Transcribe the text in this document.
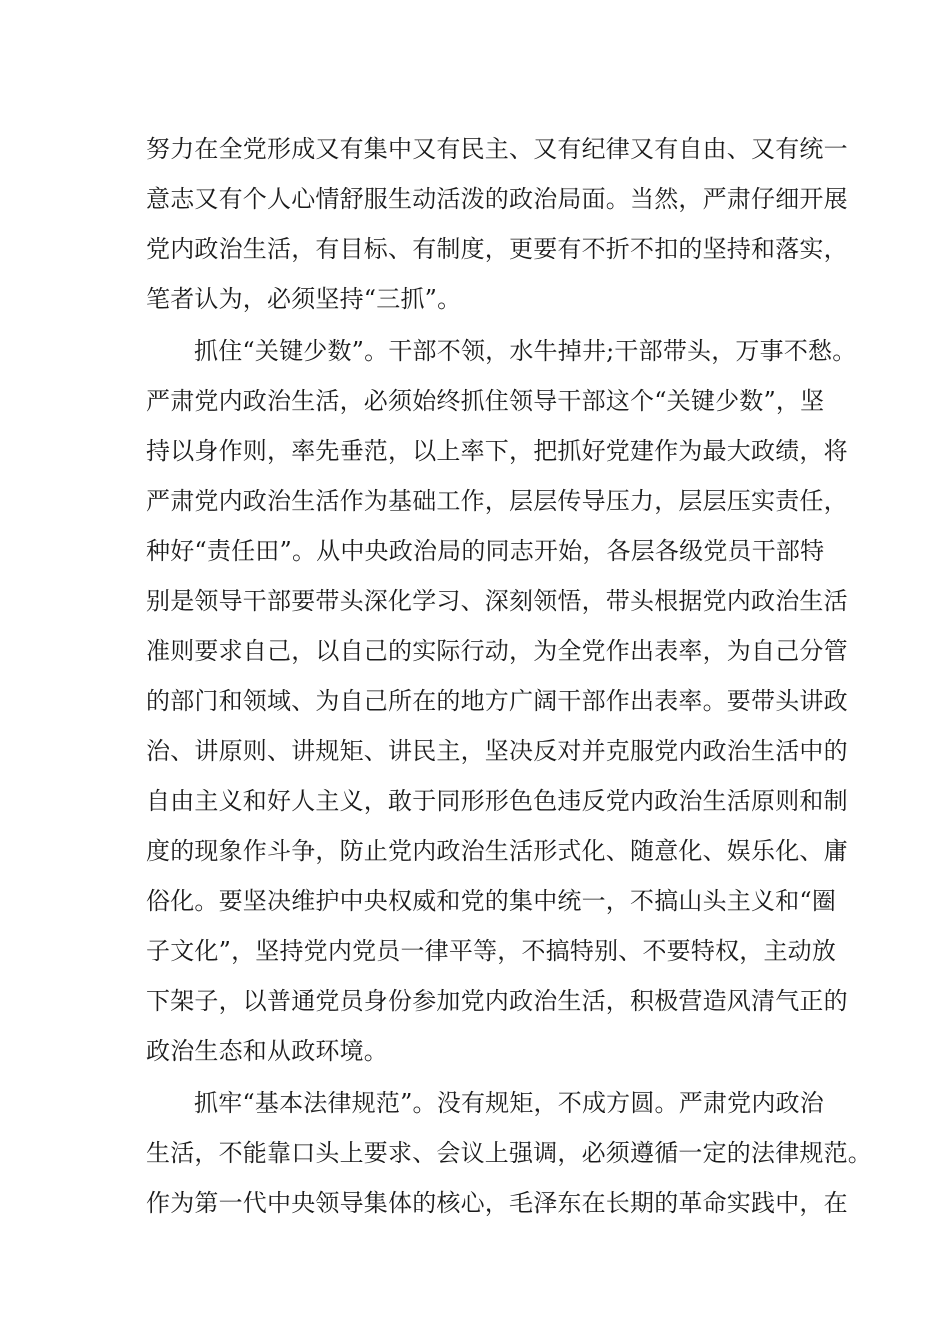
努力在全党形成又有集中又有民主、又有纪律又有自由、又有统一
意志又有个人心情舒服生动活泼的政治局面。当然，严肃仔细开展
党内政治生活，有目标、有制度，更要有不折不扣的坚持和落实，
笔者认为，必须坚持“三抓”。
抓住“关键少数”。干部不领，水牛掉井;干部带头，万事不愁。
严肃党内政治生活，必须始终抓住领导干部这个“关键少数”，坚
持以身作则，率先垂范，以上率下，把抓好党建作为最大政绩，将
严肃党内政治生活作为基础工作，层层传导压力，层层压实责任，
种好“责任田”。从中央政治局的同志开始，各层各级党员干部特
别是领导干部要带头深化学习、深刻领悟，带头根据党内政治生活
准则要求自己，以自己的实际行动，为全党作出表率，为自己分管
的部门和领域、为自己所在的地方广阔干部作出表率。要带头讲政
治、讲原则、讲规矩、讲民主，坚决反对并克服党内政治生活中的
自由主义和好人主义，敢于同形形色色违反党内政治生活原则和制
度的现象作斗争，防止党内政治生活形式化、随意化、娱乐化、庸
俗化。要坚决维护中央权威和党的集中统一，不搞山头主义和“圈
子文化”，坚持党内党员一律平等，不搞特别、不要特权，主动放
下架子，以普通党员身份参加党内政治生活，积极营造风清气正的
政治生态和从政环境。
抓牢“基本法律规范”。没有规矩，不成方圆。严肃党内政治
生活，不能靠口头上要求、会议上强调，必须遵循一定的法律规范。
作为第一代中央领导集体的核心，毛泽东在长期的革命实践中，在
